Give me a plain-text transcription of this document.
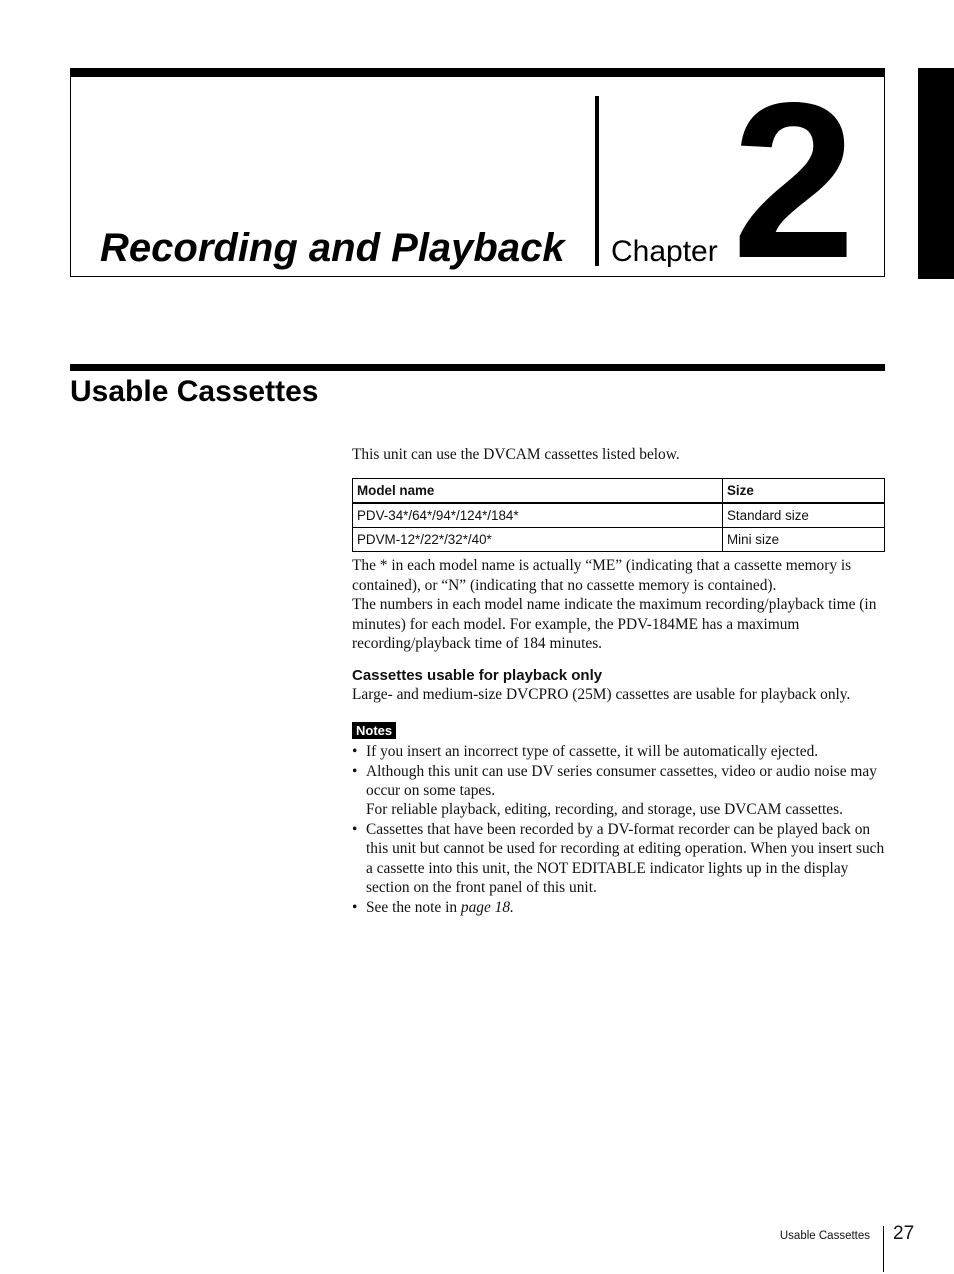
Recording and Playback Chapter 2
Usable Cassettes

This unit can use the DVCAM cassettes listed below.

Model name	Size
PDV-34*/64*/94*/124*/184*	Standard size
PDVM-12*/22*/32*/40*	Mini size

The * in each model name is actually “ME” (indicating that a cassette memory is contained), or “N” (indicating that no cassette memory is contained).

The numbers in each model name indicate the maximum recording/playback time (in minutes) for each model. For example, the PDV-184ME has a maximum recording/playback time of 184 minutes.

Cassettes usable for playback only

Large- and medium-size DVCPRO (25M) cassettes are usable for playback only.

Notes
• If you insert an incorrect type of cassette, it will be automatically ejected.
• Although this unit can use DV series consumer cassettes, video or audio noise may occur on some tapes.
For reliable playback, editing, recording, and storage, use DVCAM cassettes.
• Cassettes that have been recorded by a DV-format recorder can be played back on this unit but cannot be used for recording at editing operation. When you insert such a cassette into this unit, the NOT EDITABLE indicator lights up in the display section on the front panel of this unit.
• See the note in page 18.
Usable Cassettes 27
